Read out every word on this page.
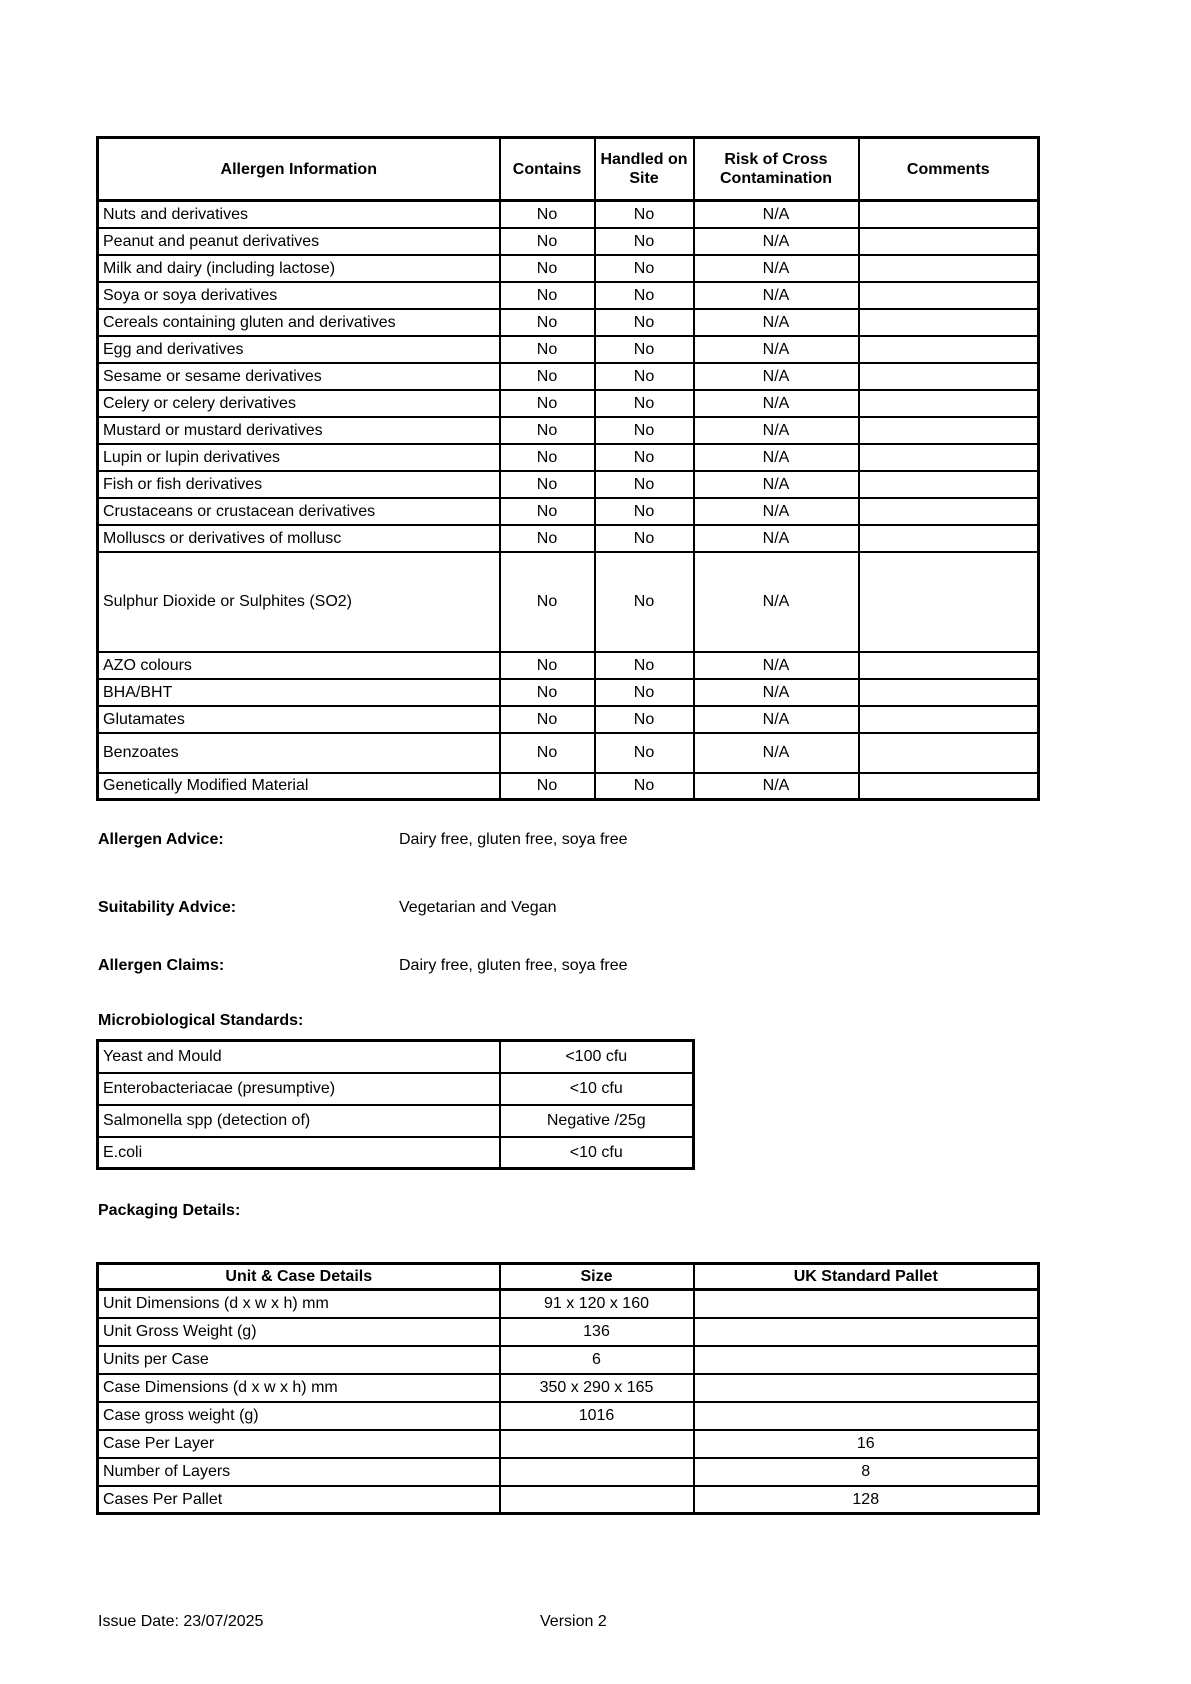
Allergen Information	Contains	Handled on Site	Risk of Cross Contamination	Comments
Nuts and derivatives	No	No	N/A	
Peanut and peanut derivatives	No	No	N/A	
Milk and dairy (including lactose)	No	No	N/A	
Soya or soya derivatives	No	No	N/A	
Cereals containing gluten and derivatives	No	No	N/A	
Egg and derivatives	No	No	N/A	
Sesame or sesame derivatives	No	No	N/A	
Celery or celery derivatives	No	No	N/A	
Mustard or mustard derivatives	No	No	N/A	
Lupin or lupin derivatives	No	No	N/A	
Fish or fish derivatives	No	No	N/A	
Crustaceans or crustacean derivatives	No	No	N/A	
Molluscs or derivatives of mollusc	No	No	N/A	
Sulphur Dioxide or Sulphites (SO2)	No	No	N/A	
AZO colours	No	No	N/A	
BHA/BHT	No	No	N/A	
Glutamates	No	No	N/A	
Benzoates	No	No	N/A	
Genetically Modified Material	No	No	N/A	
Allergen Advice:	Dairy free, gluten free, soya free
Suitability Advice:	Vegetarian and Vegan
Allergen Claims:	Dairy free, gluten free, soya free
Microbiological Standards:
Yeast and Mould	<100 cfu
Enterobacteriacae (presumptive)	<10 cfu
Salmonella spp (detection of)	Negative /25g
E.coli	<10 cfu
Packaging Details:
Unit & Case Details	Size	UK Standard Pallet
Unit Dimensions (d x w x h) mm	91 x 120 x 160	
Unit Gross Weight (g)	136	
Units per Case	6	
Case Dimensions (d x w x h) mm	350 x 290 x 165	
Case gross weight (g)	1016	
Case Per Layer		16
Number of Layers		8
Cases Per Pallet		128
Issue Date: 23/07/2025	Version 2
